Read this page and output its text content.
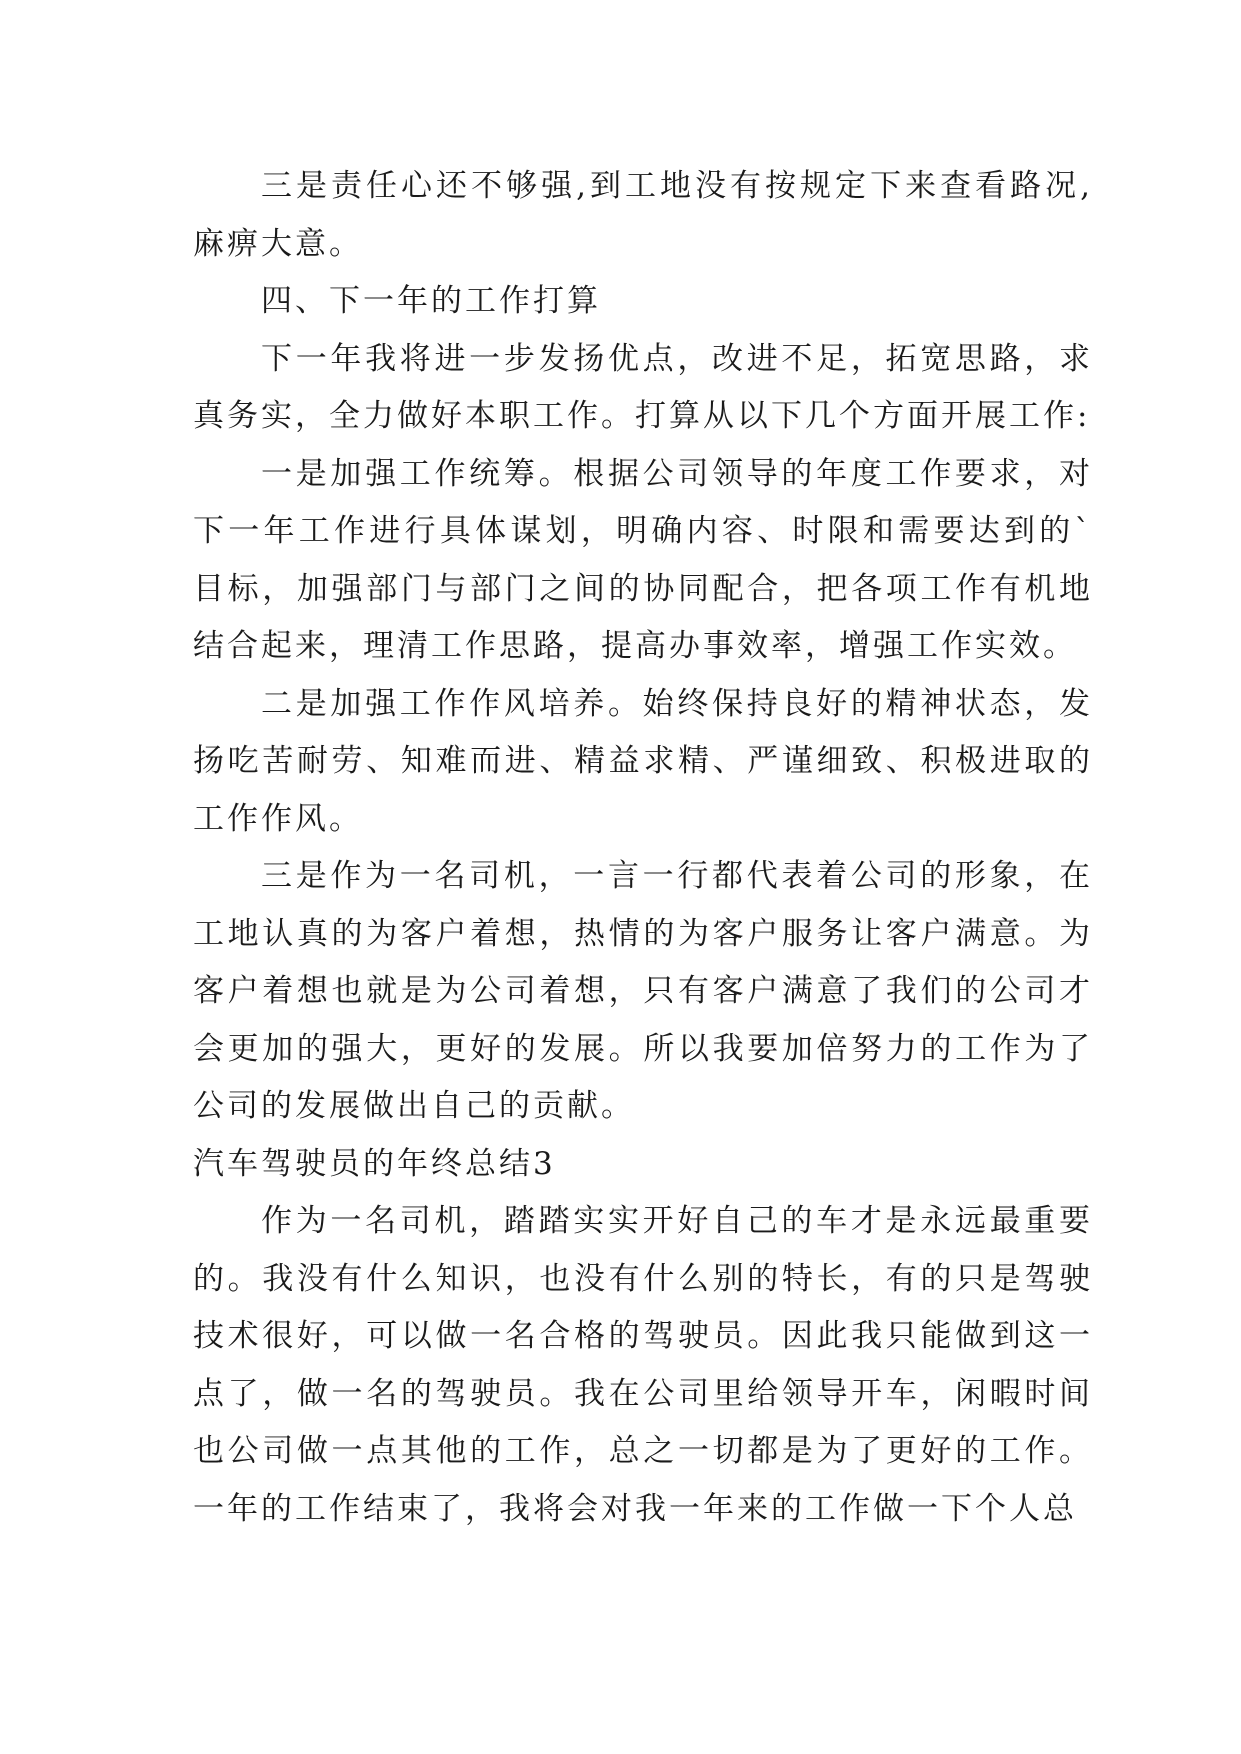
三是责任心还不够强,到工地没有按规定下来查看路况,麻痹大意。

四、下一年的工作打算

下一年我将进一步发扬优点，改进不足，拓宽思路，求真务实，全力做好本职工作。打算从以下几个方面开展工作:

一是加强工作统筹。根据公司领导的年度工作要求，对下一年工作进行具体谋划，明确内容、时限和需要达到的`目标，加强部门与部门之间的协同配合，把各项工作有机地结合起来，理清工作思路，提高办事效率，增强工作实效。

二是加强工作作风培养。始终保持良好的精神状态，发扬吃苦耐劳、知难而进、精益求精、严谨细致、积极进取的工作作风。

三是作为一名司机，一言一行都代表着公司的形象，在工地认真的为客户着想，热情的为客户服务让客户满意。为客户着想也就是为公司着想，只有客户满意了我们的公司才会更加的强大，更好的发展。所以我要加倍努力的工作为了公司的发展做出自己的贡献。

汽车驾驶员的年终总结3

作为一名司机，踏踏实实开好自己的车才是永远最重要的。我没有什么知识，也没有什么别的特长，有的只是驾驶技术很好，可以做一名合格的驾驶员。因此我只能做到这一点了，做一名的驾驶员。我在公司里给领导开车，闲暇时间也公司做一点其他的工作，总之一切都是为了更好的工作。一年的工作结束了，我将会对我一年来的工作做一下个人总
